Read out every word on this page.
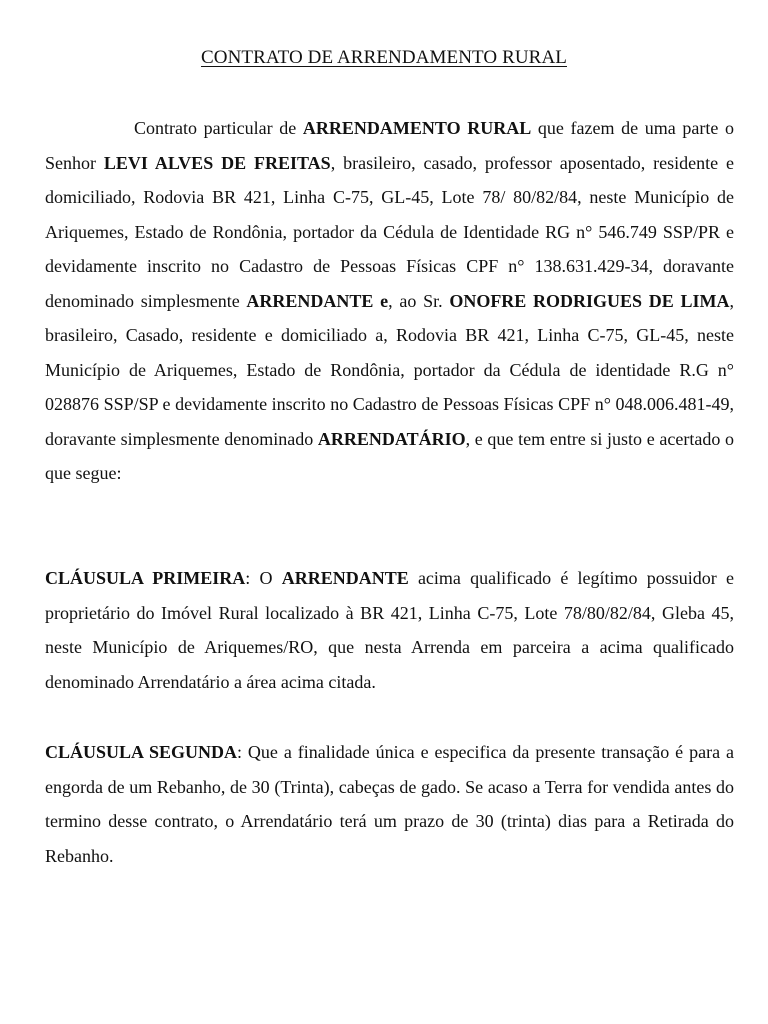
CONTRATO DE ARRENDAMENTO RURAL

Contrato particular de ARRENDAMENTO RURAL que fazem de uma parte o Senhor LEVI ALVES DE FREITAS, brasileiro, casado, professor aposentado, residente e domiciliado, Rodovia BR 421, Linha C-75, GL-45, Lote 78/ 80/82/84, neste Município de Ariquemes, Estado de Rondônia, portador da Cédula de Identidade RG n° 546.749 SSP/PR e devidamente inscrito no Cadastro de Pessoas Físicas CPF n° 138.631.429-34, doravante denominado simplesmente ARRENDANTE e, ao Sr. ONOFRE RODRIGUES DE LIMA, brasileiro, Casado, residente e domiciliado a, Rodovia BR 421, Linha C-75, GL-45, neste Município de Ariquemes, Estado de Rondônia, portador da Cédula de identidade R.G n° 028876 SSP/SP e devidamente inscrito no Cadastro de Pessoas Físicas CPF n° 048.006.481-49, doravante simplesmente denominado ARRENDATÁRIO, e que tem entre si justo e acertado o que segue:

CLÁUSULA PRIMEIRA: O ARRENDANTE acima qualificado é legítimo possuidor e proprietário do Imóvel Rural localizado à BR 421, Linha C-75, Lote 78/80/82/84, Gleba 45, neste Município de Ariquemes/RO, que nesta Arrenda em parceira a acima qualificado denominado Arrendatário a área acima citada.

CLÁUSULA SEGUNDA: Que a finalidade única e especifica da presente transação é para a engorda de um Rebanho, de 30 (Trinta), cabeças de gado. Se acaso a Terra for vendida antes do termino desse contrato, o Arrendatário terá um prazo de 30 (trinta) dias para a Retirada do Rebanho.
